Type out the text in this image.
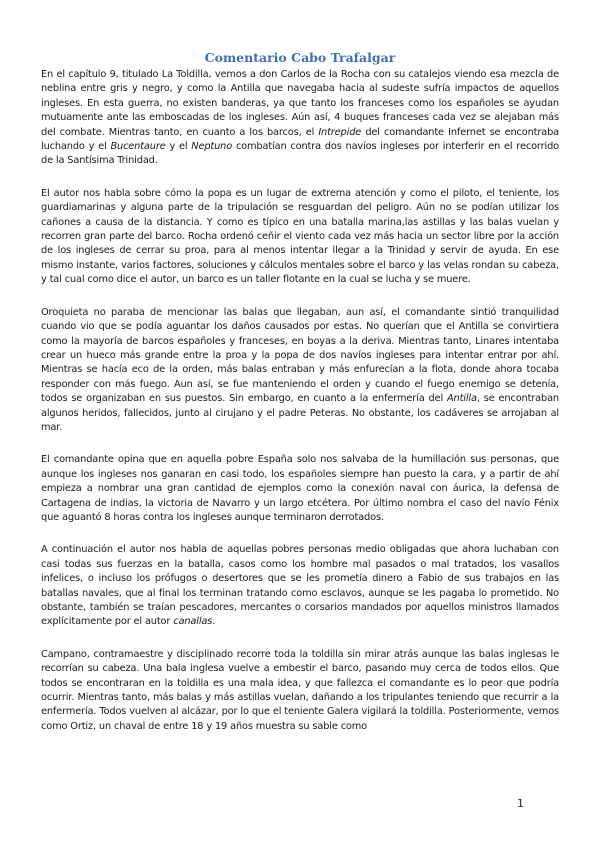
Comentario Cabo Trafalgar

En el capítulo 9, titulado La Toldilla, vemos a don Carlos de la Rocha con su catalejos viendo esa mezcla de neblina entre gris y negro, y como la Antilla que navegaba hacia al sudeste sufría impactos de aquellos ingleses. En esta guerra, no existen banderas, ya que tanto los franceses como los españoles se ayudan mutuamente ante las emboscadas de los ingleses. Aún así, 4 buques franceses cada vez se alejaban más del combate. Mientras tanto, en cuanto a los barcos, el Intrepide del comandante Infernet se encontraba luchando y el Bucentaure y el Neptuno combatían contra dos navíos ingleses por interferir en el recorrido de la Santísima Trinidad.

El autor nos habla sobre cómo la popa es un lugar de extrema atención y como el piloto, el teniente, los guardiamarinas y alguna parte de la tripulación se resguardan del peligro. Aún no se podían utilizar los cañones a causa de la distancia. Y como es típico en una batalla marina,las astillas y las balas vuelan y recorren gran parte del barco. Rocha ordenó ceñir el viento cada vez más hacia un sector libre por la acción de los ingleses de cerrar su proa, para al menos intentar llegar a la Trinidad y servir de ayuda. En ese mismo instante, varios factores, soluciones y cálculos mentales sobre el barco y las velas rondan su cabeza, y tal cual como dice el autor, un barco es un taller flotante en la cual se lucha y se muere.

Oroquieta no paraba de mencionar las balas que llegaban, aun así, el comandante sintió tranquilidad cuando vio que se podía aguantar los daños causados por estas. No querían que el Antilla se convirtiera como la mayoría de barcos españoles y franceses, en boyas a la deriva. Mientras tanto, Linares intentaba crear un hueco más grande entre la proa y la popa de dos navíos ingleses para intentar entrar por ahí. Mientras se hacía eco de la orden, más balas entraban y más enfurecían a la flota, donde ahora tocaba responder con más fuego. Aun así, se fue manteniendo el orden y cuando el fuego enemigo se detenía, todos se organizaban en sus puestos. Sin embargo, en cuanto a la enfermería del Antilla, se encontraban algunos heridos, fallecidos, junto al cirujano y el padre Peteras. No obstante, los cadáveres se arrojaban al mar.

El comandante opina que en aquella pobre España solo nos salvaba de la humillación sus personas, que aunque los ingleses nos ganaran en casi todo, los españoles siempre han puesto la cara, y a partir de ahí empieza a nombrar una gran cantidad de ejemplos como la conexión naval con áurica, la defensa de Cartagena de indias, la victoria de Navarro y un largo etcétera. Por último nombra el caso del navío Fénix que aguantó 8 horas contra los ingleses aunque terminaron derrotados.

A continuación el autor nos habla de aquellas pobres personas medio obligadas que ahora luchaban con casi todas sus fuerzas en la batalla, casos como los hombre mal pasados o mal tratados, los vasallos infelices, o incluso los prófugos o desertores que se les prometía dinero a Fabio de sus trabajos en las batallas navales, que al final los terminan tratando como esclavos, aunque se les pagaba lo prometido. No obstante, también se traían pescadores, mercantes o corsarios mandados por aquellos ministros llamados explícitamente por el autor canallas.

Campano, contramaestre y disciplinado recorre toda la toldilla sin mirar atrás aunque las balas inglesas le recorrían su cabeza. Una bala inglesa vuelve a embestir el barco, pasando muy cerca de todos ellos. Que todos se encontraran en la toldilla es una mala idea, y que fallezca el comandante es lo peor que podría ocurrir. Mientras tanto, más balas y más astillas vuelan, dañando a los tripulantes teniendo que recurrir a la enfermería. Todos vuelven al alcázar, por lo que el teniente Galera vigilará la toldilla. Posteriormente, vemos como Ortiz, un chaval de entre 18 y 19 años muestra su sable como

1
